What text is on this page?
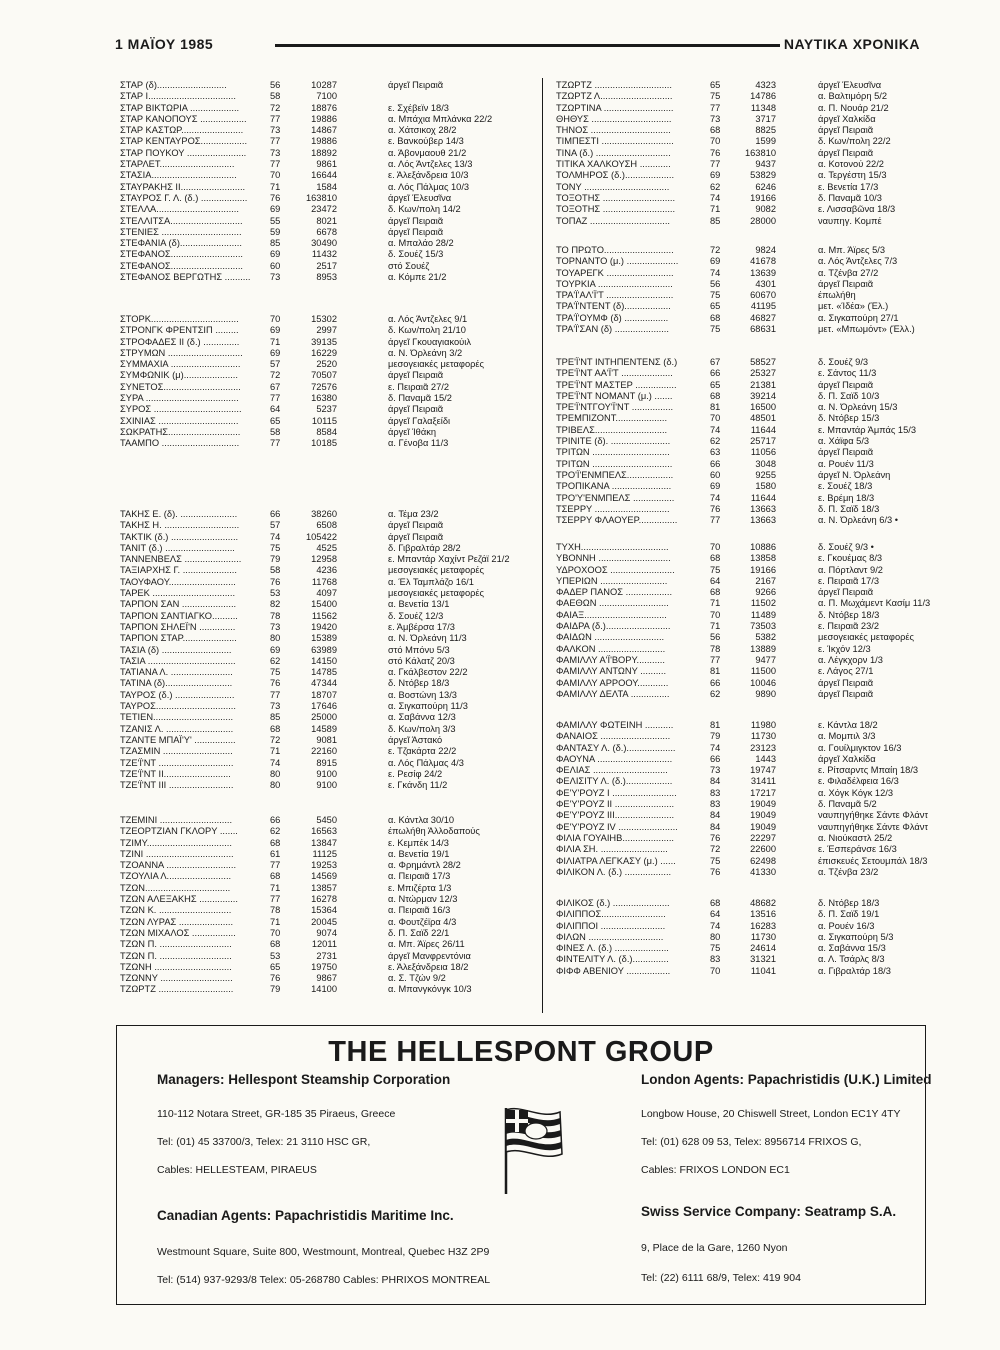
1 ΜΑΪΟΥ 1985	ΝΑΥΤΙΚΑ ΧΡΟΝΙΚΑ
ΣΤΑΡ (δ)...........................	56	10287	άργεῖ Πειραιᾶ
ΣΤΑΡ Ι..................................	58	7100
ΣΤΑΡ ΒΙΚΤΩΡΙΑ ...................	72	18876	ε. Σχέβεϊν 18/3
ΣΤΑΡ ΚΑΝΟΠΟΥΣ ..................	77	19886	α. Μπάχια Μπλάνκα 22/2
ΣΤΑΡ ΚΑΣΤΩΡ........................	73	14867	α. Χάτσικοχ 28/2
ΣΤΑΡ ΚΕΝΤΑΥΡΟΣ..................	77	19886	ε. Βανκούβερ 14/3
ΣΤΑΡ ΠΟΥΚΟΥ .......................	73	18892	α. Άβονμαουθ 21/2
ΣΤΑΡΛΕΤ.............................	77	9861	α. Λός Άντζελες 13/3
ΣΤΑΣΙΑ.................................	70	16644	ε. Άλεξάνδρεια 10/3
ΣΤΑΥΡΑΚΗΣ ΙΙ.........................	71	1584	α. Λός Πάλμας 10/3
ΣΤΑΥΡΟΣ Γ. Λ. (δ.) ..................	76	163810	άργεῖ Έλευσῖνα
ΣΤΕΛΛΑ................................	69	23472	δ. Κων/πολη 14/2
ΣΤΕΛΛΙΤΣΑ............................	55	8021	άργεῖ Πειραιᾶ
ΣΤΕΝΙΕΣ ...............................	59	6678	άργεῖ Πειραιᾶ
ΣΤΕΦΑΝΙΑ (δ)........................	85	30490	α. Μπαλάο 28/2
ΣΤΕΦΑΝΟΣ............................	69	11432	δ. Σουέζ 15/3
ΣΤΕΦΑΝΟΣ............................	60	2517	στό Σουέζ
ΣΤΕΦΑΝΟΣ ΒΕΡΓΩΤΗΣ ..........	73	8953	α. Κόμπε 21/2
ΣΤΟΡΚ..................................	70	15302	α. Λός Άντζελες 9/1
ΣΤΡΟΝΓΚ ΦΡΕΝΤΣΙΠ .........	69	2997	δ. Κων/πολη 21/10
ΣΤΡΟΦΑΔΕΣ ΙΙ (δ.) ..............	71	39135	άργεῖ Γκουαγιακούιλ
ΣΤΡΥΜΩΝ .............................	69	16229	α. Ν. Όρλεάνη 3/2
ΣΥΜΜΑΧΙΑ ...........................	57	2520	μεσογειακές μεταφορές
ΣΥΜΦΩΝΙΚ (μ).....................	72	70507	άργεῖ Πειραιᾶ
ΣΥΝΕΤΟΣ..............................	67	72576	ε. Πειραιᾶ 27/2
ΣΥΡΑ ....................................	77	16380	δ. Παναμᾶ 15/2
ΣΥΡΟΣ ..................................	64	5237	άργεῖ Πειραιᾶ
ΣΧΙΝΙΑΣ ...............................	65	10115	άργεῖ Γαλαξείδι
ΣΩΚΡΑΤΗΣ............................	58	8584	άργεῖ Ίθάκη
ΤΑΑΜΠΟ ..............................	77	10185	α. Γένοβα 11/3
ΤΑΚΗΣ Ε. (δ). ......................	66	38260	α. Τέμα 23/2
ΤΑΚΗΣ Η. .............................	57	6508	άργεῖ Πειραιᾶ
ΤΑΚΤΙΚ (δ.) ..........................	74	105422	άργεῖ Πειραιᾶ
ΤΑΝΙΤ (δ.) ...........................	75	4525	δ. Γιβραλτάρ 28/2
ΤΑΝΝΕΝΒΕΛΣ ......................	79	12958	ε. Μπαντάρ Χαχίντ Ρεζάϊ 21/2
ΤΑΞΙΑΡΧΗΣ Γ. .....................	58	4236	μεσογειακές μεταφορές
ΤΑΟΥΦΑΟΥ..........................	76	11768	α. Έλ Ταμπλάζο 16/1
ΤΑΡΕΚ ................................	53	4097	μεσογειακές μεταφορές
ΤΑΡΠΟΝ ΣΑΝ .....................	82	15400	α. Βενετία 13/1
ΤΑΡΠΟΝ ΣΑΝΤΙΑΓΚΟ..........	78	11562	δ. Σουέζ 12/3
ΤΑΡΠΟΝ ΣΗΛΕΪ'Ν ..............	73	19420	ε. Άμβέρσα 17/3
ΤΑΡΠΟΝ ΣΤΑΡ.....................	80	15389	α. Ν. Όρλεάνη 11/3
ΤΑΣΙΑ (δ) ...........................	69	63989	στό Μπόνυ 5/3
ΤΑΣΙΑ ..................................	62	14150	στό Κάλατζ 20/3
ΤΑΤΙΑΝΑ Λ. ........................	75	14785	α. Γκάλβεστον 22/2
ΤΑΤΙΝΑ (δ)..........................	76	47344	δ. Ντόβερ 18/3
ΤΑΥΡΟΣ (δ.) .......................	77	18707	α. Βοστώνη 13/3
ΤΑΥΡΟΣ...............................	73	17646	α. Σιγκαπούρη 11/3
ΤΕΤΙΕΝ...............................	85	25000	α. Σαβάννα 12/3
ΤΖΑΝΙΣ Λ. ..........................	68	14589	δ. Κων/πολη 3/3
ΤΖΑΝΤΕ ΜΠΑΪ'Υ' ................	72	9081	άργεῖ Άστακό
ΤΖΑΣΜΙΝ ...........................	71	22160	ε. Τζακάρτα 22/2
ΤΖΕ'Ϊ'ΝΤ .............................	74	8915	α. Λός Πάλμας 4/3
ΤΖΕ'Ϊ'ΝΤ ΙΙ..........................	80	9100	ε. Ρεσίφ 24/2
ΤΖΕ'Ϊ'ΝΤ ΙΙΙ .........................	80	9100	ε. Γκάνδη 11/2
ΤΖΕΜΙΝΙ ............................	66	5450	α. Κάντλα 30/10
ΤΖΕΟΡΤΖΙΑΝ ΓΚΛΟΡΥ .......	62	16563	έπωλήθη Άλλοδαπούς
ΤΖΙΜΥ.................................	68	13847	ε. Κεμπέκ 14/3
ΤΖΙΝΙ ..................................	61	11125	α. Βενετία 19/1
ΤΖΟΑΝΝΑ ...........................	77	19253	α. Φρημάντλ 28/2
ΤΖΟΥΛΙΑ Λ.........................	68	14569	α. Πειραιᾶ 17/3
ΤΖΩΝ.................................	71	13857	ε. Μπιζέρτα 1/3
ΤΖΩΝ ΑΛΕΞΑΚΗΣ ...............	77	16278	α. Ντώρμαν 12/3
ΤΖΩΝ Κ. ............................	78	15364	α. Πειραιᾶ 16/3
ΤΖΩΝ ΛΥΡΑΣ .....................	71	20045	α. Φουτζέϊρα 4/3
ΤΖΩΝ ΜΙΧΑΛΟΣ .................	70	9074	δ. Π. Σαϊδ 22/1
ΤΖΩΝ Π. ............................	68	12011	α. Μπ. Άϊρες 26/11
ΤΖΩΝ Π. ............................	53	2731	άργεῖ Μανφρεντόνια
ΤΖΩΝΗ ..............................	65	19750	ε. Άλεξάνδρεια 18/2
ΤΖΩΝΝΥ ............................	76	9867	α. Σ. Τζών 9/2
ΤΖΩΡΤΖ .............................	79	14100	α. Μπανγκόνγκ 10/3
ΤΖΩΡΤΖ ..............................	65	4323	άργεῖ Έλευσῖνα
ΤΖΩΡΤΖ Λ............................	75	14786	α. Βαλτιμόρη 5/2
ΤΖΩΡΤΙΝΑ ...........................	77	11348	α. Π. Νουάρ 21/2
ΘΗΘΥΣ ...............................	73	3717	άργεῖ Χαλκίδα
ΤΗΝΟΣ ...............................	68	8825	άργεῖ Πειραιᾶ
ΤΙΜΠΕΣΤΙ ............................	70	1599	δ. Κων/πολη 22/2
ΤΙΝΑ (δ.) .............................	76	163810	άργεῖ Πειραιᾶ
ΤΙΤΙΚΑ ΧΑΛΚΟΥΣΗ ............	77	9437	α. Κοτονού 22/2
ΤΟΛΜΗΡΟΣ (δ.)...................	69	53829	α. Τεργέστη 15/3
ΤΟΝΥ .................................	62	6246	ε. Βενετία 17/3
ΤΟΞΟΤΗΣ ............................	74	19166	δ. Παναμᾶ 10/3
ΤΟΞΟΤΗΣ ............................	71	9082	ε. Λισσαβῶνα 18/3
ΤΟΠΑΖ ...............................	85	28000	ναυπηγ. Κομπέ
ΤΟ ΠΡΩΤΟ...........................	72	9824	α. Μπ. Άϊρες 5/3
ΤΟΡΝΑΝΤΟ (μ.) ....................	69	41678	α. Λός Άντζελες 7/3
ΤΟΥΑΡΕΓΚ ..........................	74	13639	α. Τζένβα 27/2
ΤΟΥΡΚΙΑ .............................	56	4301	άργεῖ Πειραιᾶ
ΤΡΑ'Ϊ'ΑΛ'Ϊ'Τ ..........................	75	60670	έπωλήθη
ΤΡΑ'Ϊ'ΝΤΕΝΤ (δ)..................	65	41195	μετ. «Ίδέα» (Έλ.)
ΤΡΑ'Ϊ'ΟΥΜΦ (δ) .................	68	46827	α. Σιγκαπούρη 27/1
ΤΡΑ'Ϊ'ΣΑΝ (δ) .....................	75	68631	μετ. «Μπωμόντ» (Έλλ.)
ΤΡΕ'Ϊ'ΝΤ ΙΝΤΗΠΕΝΤΕΝΣ (δ.)	67	58527	δ. Σουέζ 9/3
ΤΡΕ'Ϊ'ΝΤ ΑΑ'Ϊ'Τ ....................	66	25327	ε. Σάντος 11/3
ΤΡΕ'Ϊ'ΝΤ ΜΑΣΤΕΡ ................	65	21381	άργεῖ Πειραιᾶ
ΤΡΕ'Ϊ'ΝΤ ΝΟΜΑΝΤ (μ.) .......	68	39214	δ. Π. Σαϊδ 10/3
ΤΡΕ'Ϊ'ΝΤΓΟΥ'Ϊ'ΝΤ ................	81	16500	α. Ν. Όρλεάνη 15/3
ΤΡΕΜΠΙΖΟΝΤ....................	70	48501	δ. Ντόβερ 15/3
ΤΡΙΒΕΛΣ............................	74	11644	ε. Μπαντάρ Άμπάς 15/3
ΤΡΙΝΙΤΕ (δ). .......................	62	25717	α. Χάϊφα 5/3
ΤΡΙΤΩΝ ..............................	63	11056	άργεῖ Πειραιᾶ
ΤΡΙΤΩΝ ...............................	66	3048	α. Ρουέν 11/3
ΤΡΟ'Ϊ'ΕΝΜΠΕΛΣ..................	60	9255	άργεῖ Ν. Όρλεάνη
ΤΡΟΠΙΚΑΝΑ .......................	69	1580	ε. Σουέζ 18/3
ΤΡΟ'Υ'ΕΝΜΠΕΛΣ ................	74	11644	ε. Βρέμη 18/3
ΤΣΕΡΡΥ .............................	76	13663	δ. Π. Σαϊδ 18/3
ΤΣΕΡΡΥ ΦΛΑΟΥΕΡ...............	77	13663	α. Ν. Όρλεάνη 6/3 •
ΤΥΧΗ..................................	70	10886	δ. Σουέζ 9/3 •
ΥΒΟΝΝΗ ............................	68	13858	ε. Γκουέμας 8/3
ΥΔΡΟΧΟΟΣ .........................	75	19166	α. Πόρτλαντ 9/2
ΥΠΕΡΙΩΝ ..........................	64	2167	ε. Πειραιᾶ 17/3
ΦΑΔΕΡ ΠΑΝΟΣ ..................	68	9266	άργεῖ Πειραιᾶ
ΦΑΕΘΩΝ ...........................	71	11502	α. Π. Μωχάμεντ Κασίμ 11/3
ΦΑΙΑΞ................................	70	11489	δ. Ντόβερ 18/3
ΦΑΙΔΡΑ (δ.).........................	71	73503	ε. Πειραιᾶ 23/2
ΦΑΙΔΩΝ ...........................	56	5382	μεσογειακές μεταφορές
ΦΑΛΚΟΝ ..........................	78	13889	ε. Ίκχόν 12/3
ΦΑΜΙΛΛΥ Α'Ϊ'ΒΟΡΥ...........	77	9477	α. Λέγκχορν 1/3
ΦΑΜΙΛΛΥ ΑΝΤΩΝΥ ..........	81	11500	ε. Λάγος 27/1
ΦΑΜΙΛΛΥ ΑΡΡΟΟΥ............	66	10046	άργεῖ Πειραιᾶ
ΦΑΜΙΛΛΥ ΔΕΛΤΑ ...............	62	9890	άργεῖ Πειραιᾶ
ΦΑΜΙΛΛΥ ΦΩΤΕΙΝΗ ...........	81	11980	ε. Κάντλα 18/2
ΦΑΝΑΙΟΣ ...........................	79	11730	α. Μομπιλ 3/3
ΦΑΝΤΑΣΥ Λ. (δ.)...................	74	23123	α. Γουίλμιγκτον 16/3
ΦΑΟΥΝΑ .............................	66	1443	άργεῖ Χαλκίδα
ΦΕΛΙΑΣ .............................	73	19747	ε. Ρίτσαρντς Μπαίη 18/3
ΦΕΛΙΣΙΤΥ Λ. (δ.)..................	84	31411	ε. Φιλαδέλφεια 16/3
ΦΕ'Υ'ΡΟΥΖ Ι .........................	83	17217	α. Χόγκ Κόγκ 12/3
ΦΕ'Υ'ΡΟΥΖ ΙΙ .......................	83	19049	δ. Παναμᾶ 5/2
ΦΕ'Υ'ΡΟΥΖ ΙΙΙ.......................	84	19049	ναυπηγήθηκε Σάντε Φλάντ
ΦΕ'Υ'ΡΟΥΖ ΙV .......................	84	19049	ναυπηγήθηκε Σάντε Φλάντ
ΦΙΛΙΑ ΓΟΥΑΙΗΒ....................	76	22297	α. Νιούκαστλ 25/2
ΦΙΛΙΑ ΣΗ. ..........................	72	22600	ε. Έσπεράνσε 16/3
ΦΙΛΙΑΤΡΑ ΛΕΓΚΑΣΥ (μ.) ......	75	62498	έπισκευές Σετουμπάλ 18/3
ΦΙΛΙΚΟΝ Λ. (δ.) ..................	76	41330	α. Τζένβα 23/2
ΦΙΛΙΚΟΣ (δ.) ......................	68	48682	δ. Ντόβερ 18/3
ΦΙΛΙΠΠΟΣ.........................	64	13516	δ. Π. Σαϊδ 19/1
ΦΙΛΙΠΠΟΙ .........................	74	16283	α. Ρουέν 16/3
ΦΙΛΩΝ .............................	80	11730	α. Σιγκαπούρη 5/3
ΦΙΝΕΣ Λ. (δ.) .....................	75	24614	α. Σαβάννα 15/3
ΦΙΝΤΕΛΙΤΥ Λ. (δ.)..............	83	31321	α. Λ. Τσάρλς 8/3
ΦΙΦΦ ΑΒΕΝΙΟΥ .................	70	11041	α. Γιβραλτάρ 18/3
THE HELLESPONT GROUP
Managers: Hellespont Steamship Corporation
110-112 Notara Street, GR-185 35 Piraeus, Greece
Tel: (01) 45 33700/3, Telex: 21 3110 HSC GR,
Cables: HELLESTEAM, PIRAEUS
London Agents: Papachristidis (U.K.) Limited
Longbow House, 20 Chiswell Street, London EC1Y 4TY
Tel: (01) 628 09 53, Telex: 8956714 FRIXOS G,
Cables: FRIXOS LONDON EC1
Canadian Agents: Papachristidis Maritime Inc.
Westmount Square, Suite 800, Westmount, Montreal, Quebec H3Z 2P9
Tel: (514) 937-9293/8 Telex: 05-268780 Cables: PHRIXOS MONTREAL
Swiss Service Company: Seatramp S.A.
9, Place de la Gare, 1260 Nyon
Tel: (22) 6111 68/9, Telex: 419 904
